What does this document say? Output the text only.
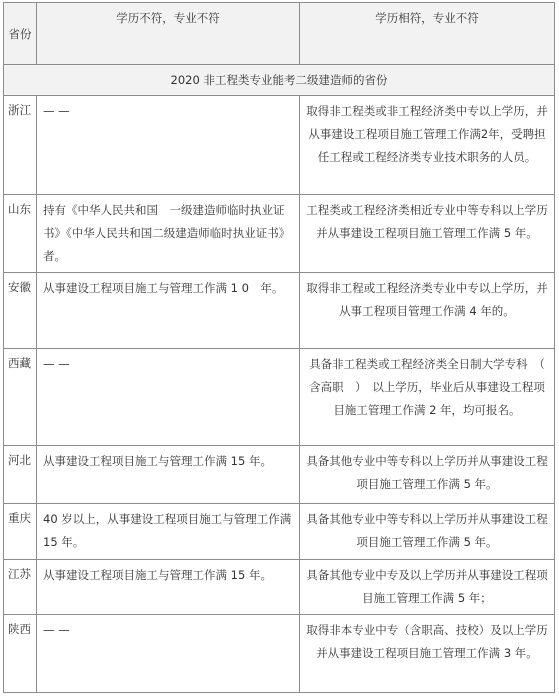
省份	学历不符，专业不符	学历相符，专业不符
2020 非工程类专业能考二级建造师的省份		
浙江	— —	取得非工程类或非工程经济类中专以上学历，并从事建设工程项目施工管理工作满2年，受聘担任工程或工程经济类专业技术职务的人员。
山东	持有《中华人民共和国　一级建造师临时执业证书》《中华人民共和国二级建造师临时执业证书》者。	工程类或工程经济类相近专业中等专科以上学历并从事建设工程项目施工管理工作满 5 年。
安徽	从事建设工程项目施工与管理工作满 1 0　年。	取得非工程或工程经济类专业中专以上学历，并从事工程项目管理工作满 4 年的。
西藏	— —	具备非工程类或工程经济类全日制大学专科　（　含高职　）　以上学历，毕业后从事建设工程项目施工管理工作满 2 年，均可报名。
河北	从事建设工程项目施工与管理工作满 15 年。	具备其他专业中等专科以上学历并从事建设工程项目施工管理工作满 5 年。
重庆	40 岁以上，从事建设工程项目施工与管理工作满 15 年。	具备其他专业中等专科以上学历并从事建设工程项目施工管理工作满 5 年。
江苏	从事建设工程项目施工与管理工作满 15 年。	具备其他专业中专及以上学历并从事建设工程项目施工管理工作满 5 年；
陕西	— —	取得非本专业中专（含职高、技校）及以上学历并从事建设工程项目施工管理工作满 3 年。
